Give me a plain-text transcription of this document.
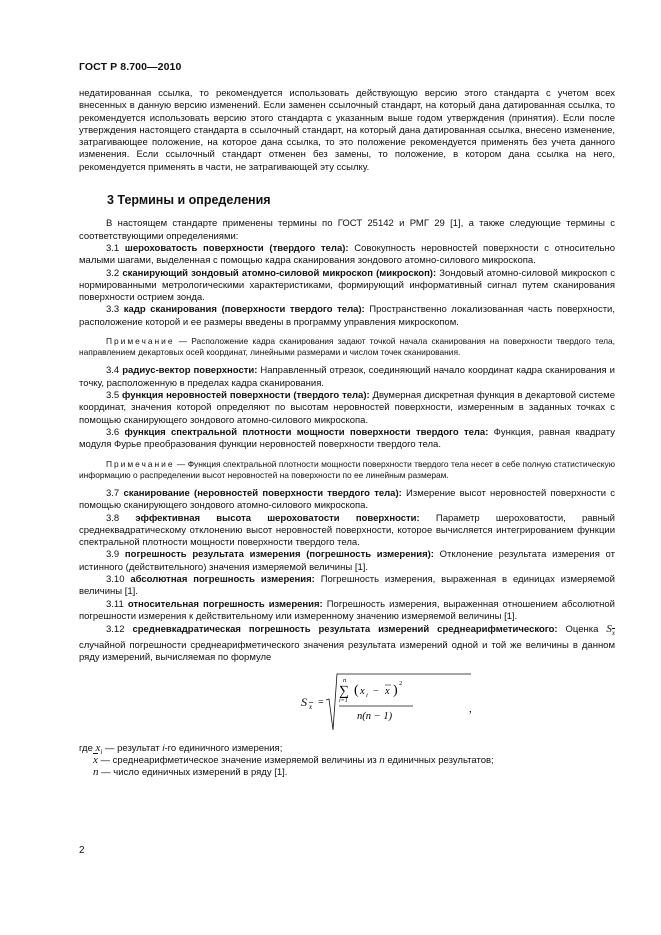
ГОСТ Р 8.700—2010

недатированная ссылка, то рекомендуется использовать действующую версию этого стандарта с учетом всех внесенных в данную версию изменений. Если заменен ссылочный стандарт, на который дана датированная ссылка, то рекомендуется использовать версию этого стандарта с указанным выше годом утверждения (принятия). Если после утверждения настоящего стандарта в ссылочный стандарт, на который дана датированная ссылка, внесено изменение, затрагивающее положение, на которое дана ссылка, то это положение рекомендуется применять без учета данного изменения. Если ссылочный стандарт отменен без замены, то положение, в котором дана ссылка на него, рекомендуется применять в части, не затрагивающей эту ссылку.

3 Термины и определения

В настоящем стандарте применены термины по ГОСТ 25142 и РМГ 29 [1], а также следующие термины с соответствующими определениями:

3.1 шероховатость поверхности (твердого тела): Совокупность неровностей поверхности с относительно малыми шагами, выделенная с помощью кадра сканирования зондового атомно-силового микроскопа.

3.2 сканирующий зондовый атомно-силовой микроскоп (микроскоп): Зондовый атомно-силовой микроскоп с нормированными метрологическими характеристиками, формирующий информативный сигнал путем сканирования поверхности острием зонда.

3.3 кадр сканирования (поверхности твердого тела): Пространственно локализованная часть поверхности, расположение которой и ее размеры введены в программу управления микроскопом.

Примечание — Расположение кадра сканирования задают точкой начала сканирования на поверхности твердого тела, направлением декартовых осей координат, линейными размерами и числом точек сканирования.

3.4 радиус-вектор поверхности: Направленный отрезок, соединяющий начало координат кадра сканирования и точку, расположенную в пределах кадра сканирования.

3.5 функция неровностей поверхности (твердого тела): Двумерная дискретная функция в декартовой системе координат, значения которой определяют по высотам неровностей поверхности, измеренным в заданных точках с помощью сканирующего зондового атомно-силового микроскопа.

3.6 функция спектральной плотности мощности поверхности твердого тела: Функция, равная квадрату модуля Фурье преобразования функции неровностей поверхности твердого тела.

Примечание — Функция спектральной плотности мощности поверхности твердого тела несет в себе полную статистическую информацию о распределении высот неровностей на поверхности по ее линейным размерам.

3.7 сканирование (неровностей поверхности твердого тела): Измерение высот неровностей поверхности с помощью сканирующего зондового атомно-силового микроскопа.

3.8 эффективная высота шероховатости поверхности: Параметр шероховатости, равный среднеквадратическому отклонению высот неровностей поверхности, которое вычисляется интегрированием функции спектральной плотности мощности поверхности твердого тела.

3.9 погрешность результата измерения (погрешность измерения): Отклонение результата измерения от истинного (действительного) значения измеряемой величины [1].

3.10 абсолютная погрешность измерения: Погрешность измерения, выраженная в единицах измеряемой величины [1].

3.11 относительная погрешность измерения: Погрешность измерения, выраженная отношением абсолютной погрешности измерения к действительному или измеренному значению измеряемой величины [1].

3.12 средневкадратическая погрешность результата измерений среднеарифметического: Оценка $S_{\overline{x}}$ случайной погрешности среднеарифметического значения результата измерений одной и той же величины в данном ряду измерений, вычисляемая по формуле

S x =
n
∑
i=1
( x i − x ) 2
n(n − 1)
,
где $x_i$ — результат i-го единичного измерения;
$\overline{x}$ — среднеарифметическое значение измеряемой величины из n единичных результатов;
n — число единичных измерений в ряду [1].
2
